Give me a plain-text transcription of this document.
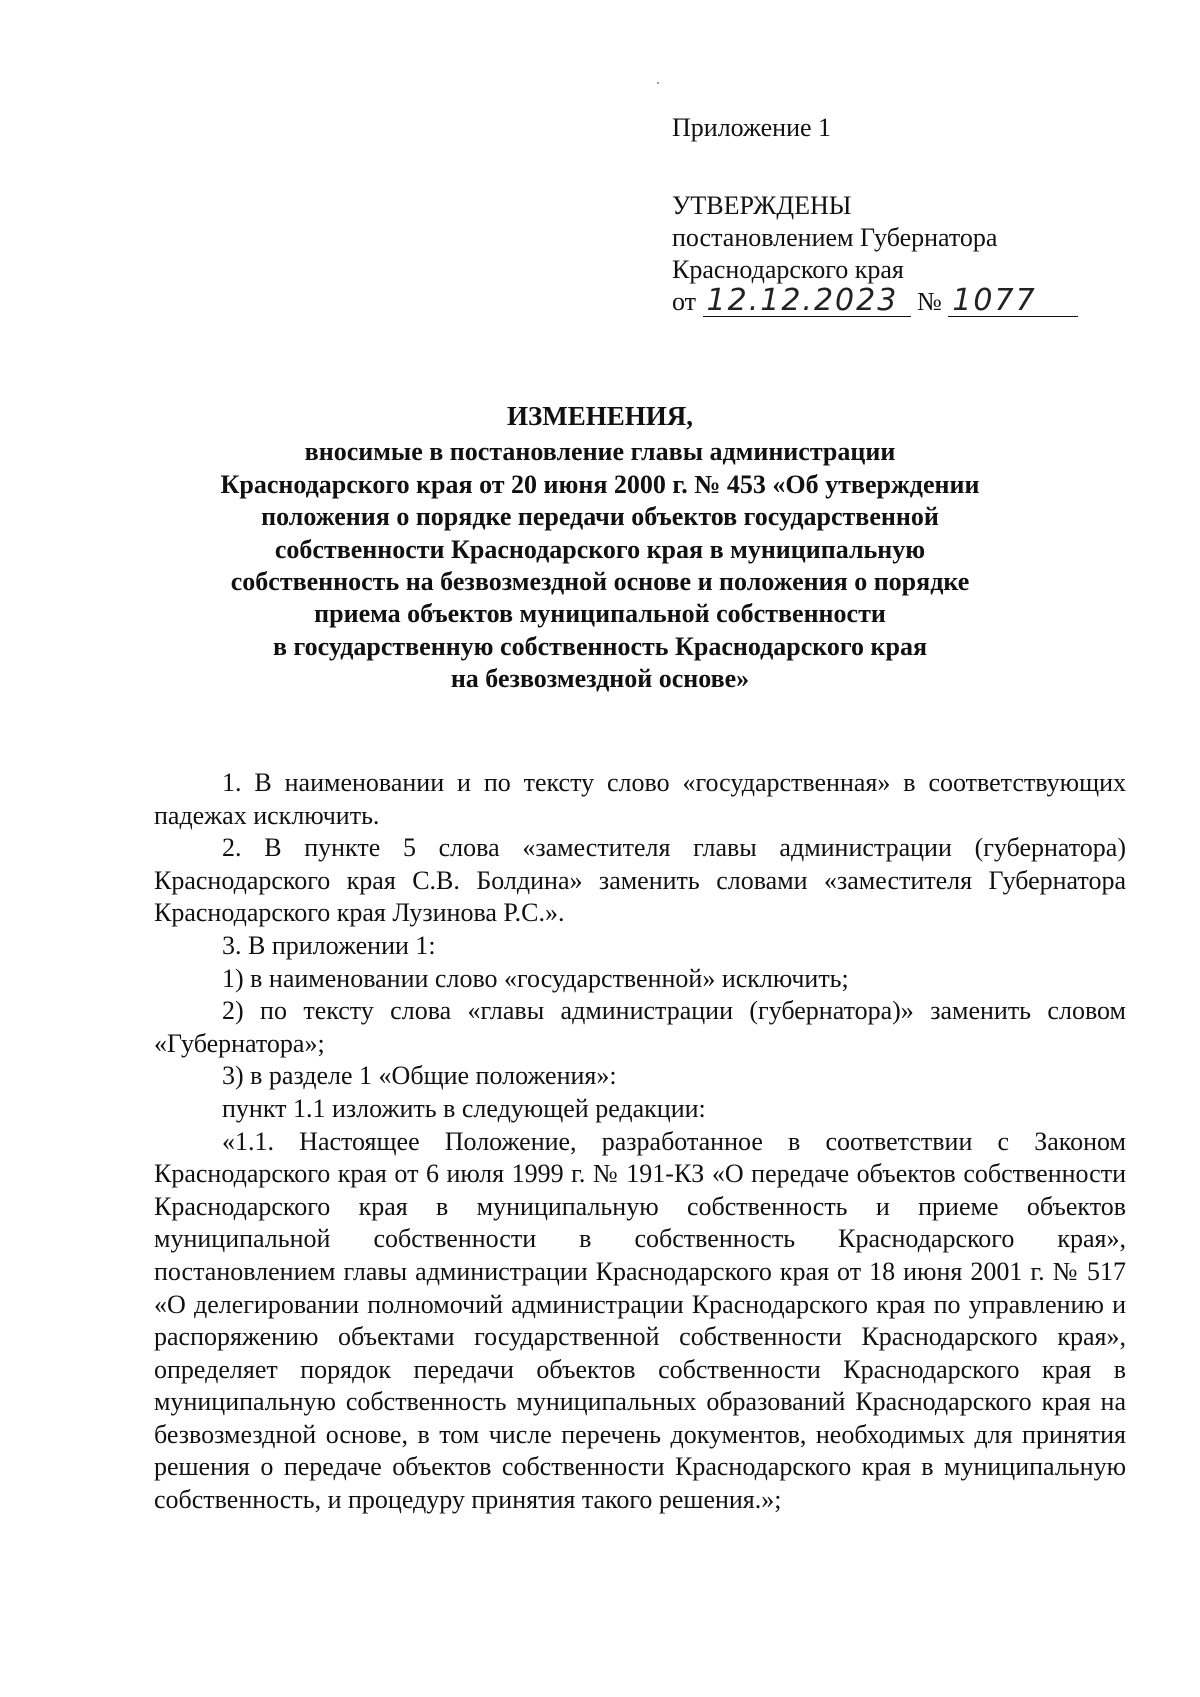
Приложение 1
УТВЕРЖДЕНЫ
постановлением Губернатора
Краснодарского края
от 12.12.2023 № 1077
ИЗМЕНЕНИЯ,
вносимые в постановление главы администрации
Краснодарского края от 20 июня 2000 г. № 453 «Об утверждении
положения о порядке передачи объектов государственной
собственности Краснодарского края в муниципальную
собственность на безвозмездной основе и положения о порядке
приема объектов муниципальной собственности
в государственную собственность Краснодарского края
на безвозмездной основе»

1. В наименовании и по тексту слово «государственная» в соответствующих падежах исключить.

2. В пункте 5 слова «заместителя главы администрации (губернатора) Краснодарского края С.В. Болдина» заменить словами «заместителя Губернатора Краснодарского края Лузинова Р.С.».

3. В приложении 1:

1) в наименовании слово «государственной» исключить;

2) по тексту слова «главы администрации (губернатора)» заменить словом «Губернатора»;

3) в разделе 1 «Общие положения»:

пункт 1.1 изложить в следующей редакции:

«1.1. Настоящее Положение, разработанное в соответствии с Законом Краснодарского края от 6 июля 1999 г. № 191-КЗ «О передаче объектов собственности Краснодарского края в муниципальную собственность и приеме объектов муниципальной собственности в собственность Краснодарского края», постановлением главы администрации Краснодарского края от 18 июня 2001 г. № 517 «О делегировании полномочий администрации Краснодарского края по управлению и распоряжению объектами государственной собственности Краснодарского края», определяет порядок передачи объектов собственности Краснодарского края в муниципальную собственность муниципальных образований Краснодарского края на безвозмездной основе, в том числе перечень документов, необходимых для принятия решения о передаче объектов собственности Краснодарского края в муниципальную собственность, и процедуру принятия такого решения.»;
